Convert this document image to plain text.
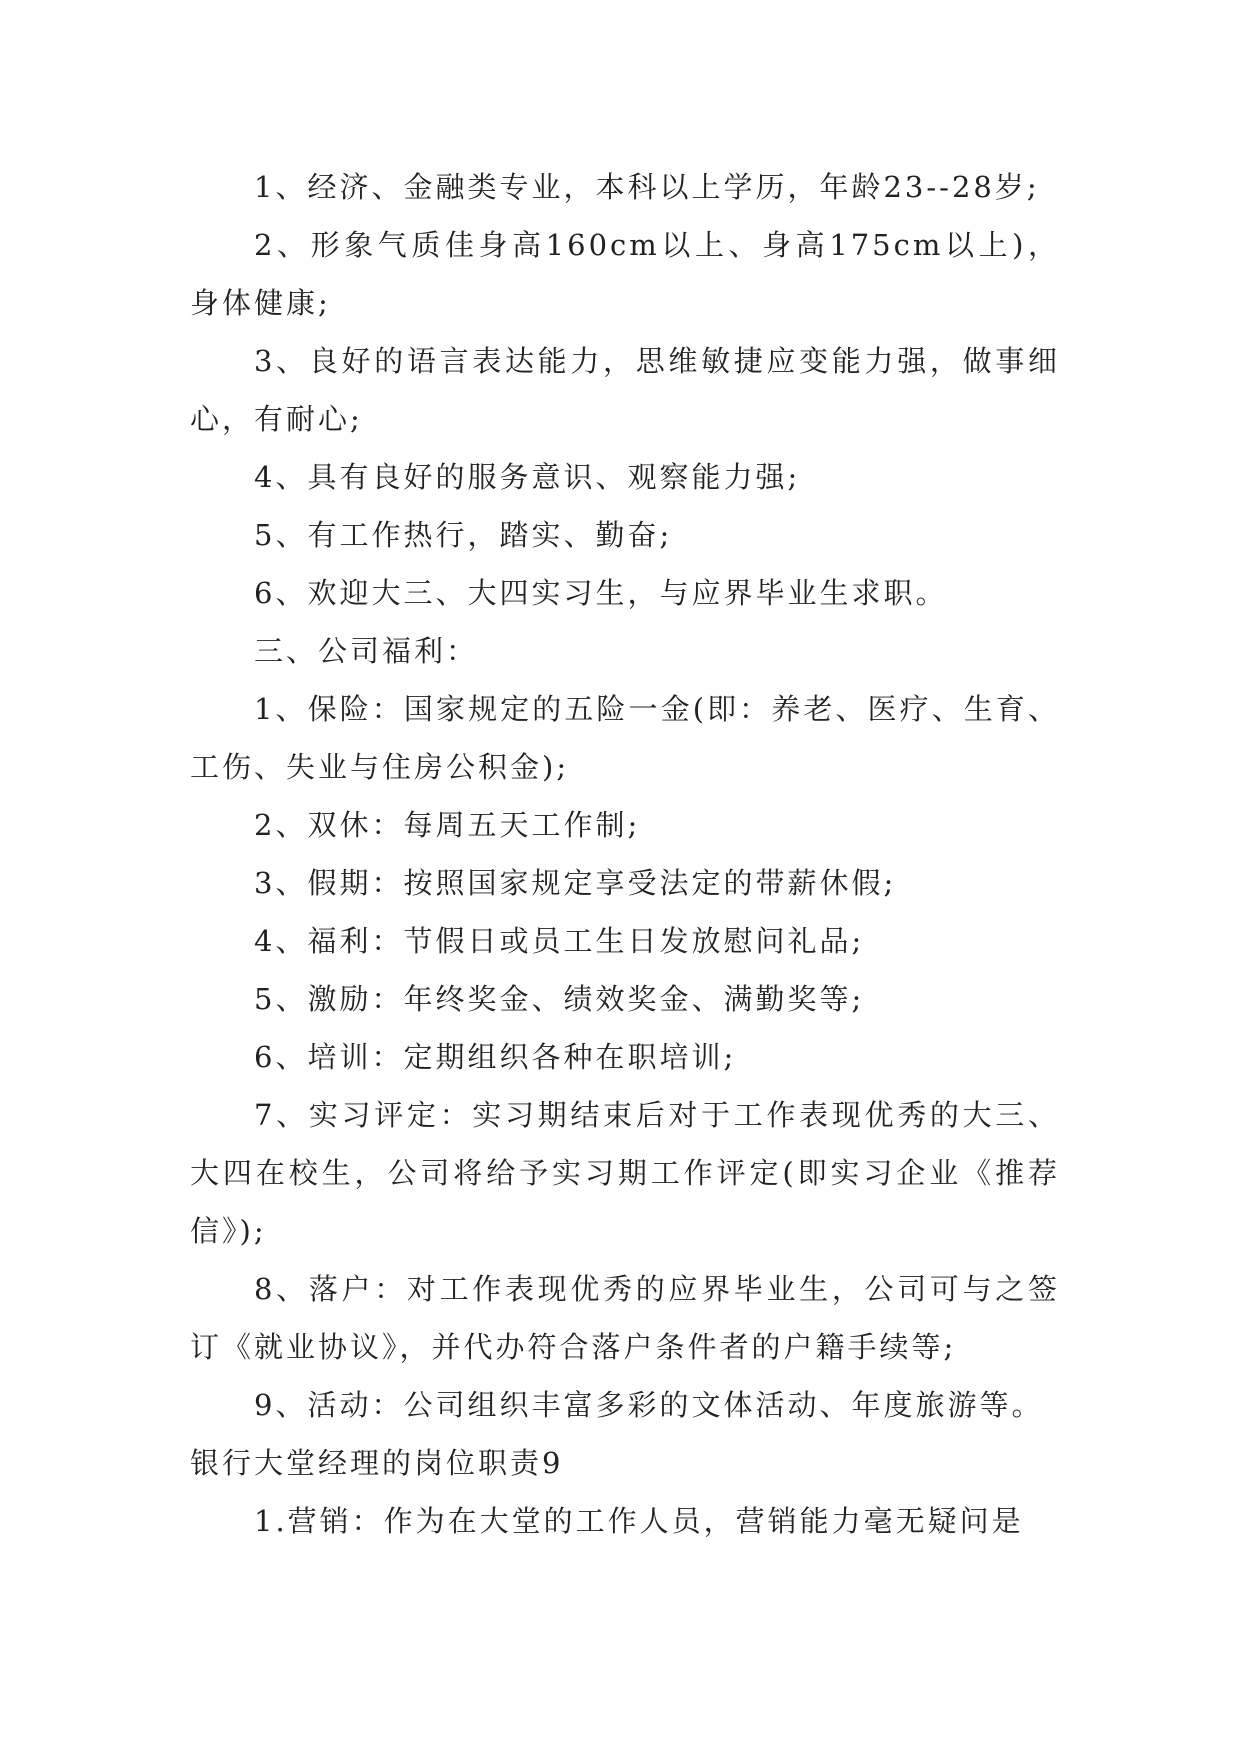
1、经济、金融类专业，本科以上学历，年龄23--28岁;

2、形象气质佳身高160cm以上、身高175cm以上)，身体健康;

3、良好的语言表达能力，思维敏捷应变能力强，做事细心，有耐心;

4、具有良好的服务意识、观察能力强;

5、有工作热行，踏实、勤奋;

6、欢迎大三、大四实习生，与应界毕业生求职。

三、公司福利：

1、保险：国家规定的五险一金(即：养老、医疗、生育、工伤、失业与住房公积金);

2、双休：每周五天工作制;

3、假期：按照国家规定享受法定的带薪休假;

4、福利：节假日或员工生日发放慰问礼品;

5、激励：年终奖金、绩效奖金、满勤奖等;

6、培训：定期组织各种在职培训;

7、实习评定：实习期结束后对于工作表现优秀的大三、大四在校生，公司将给予实习期工作评定(即实习企业《推荐信》);

8、落户：对工作表现优秀的应界毕业生，公司可与之签订《就业协议》，并代办符合落户条件者的户籍手续等;

9、活动：公司组织丰富多彩的文体活动、年度旅游等。

银行大堂经理的岗位职责9

1.营销：作为在大堂的工作人员，营销能力毫无疑问是
